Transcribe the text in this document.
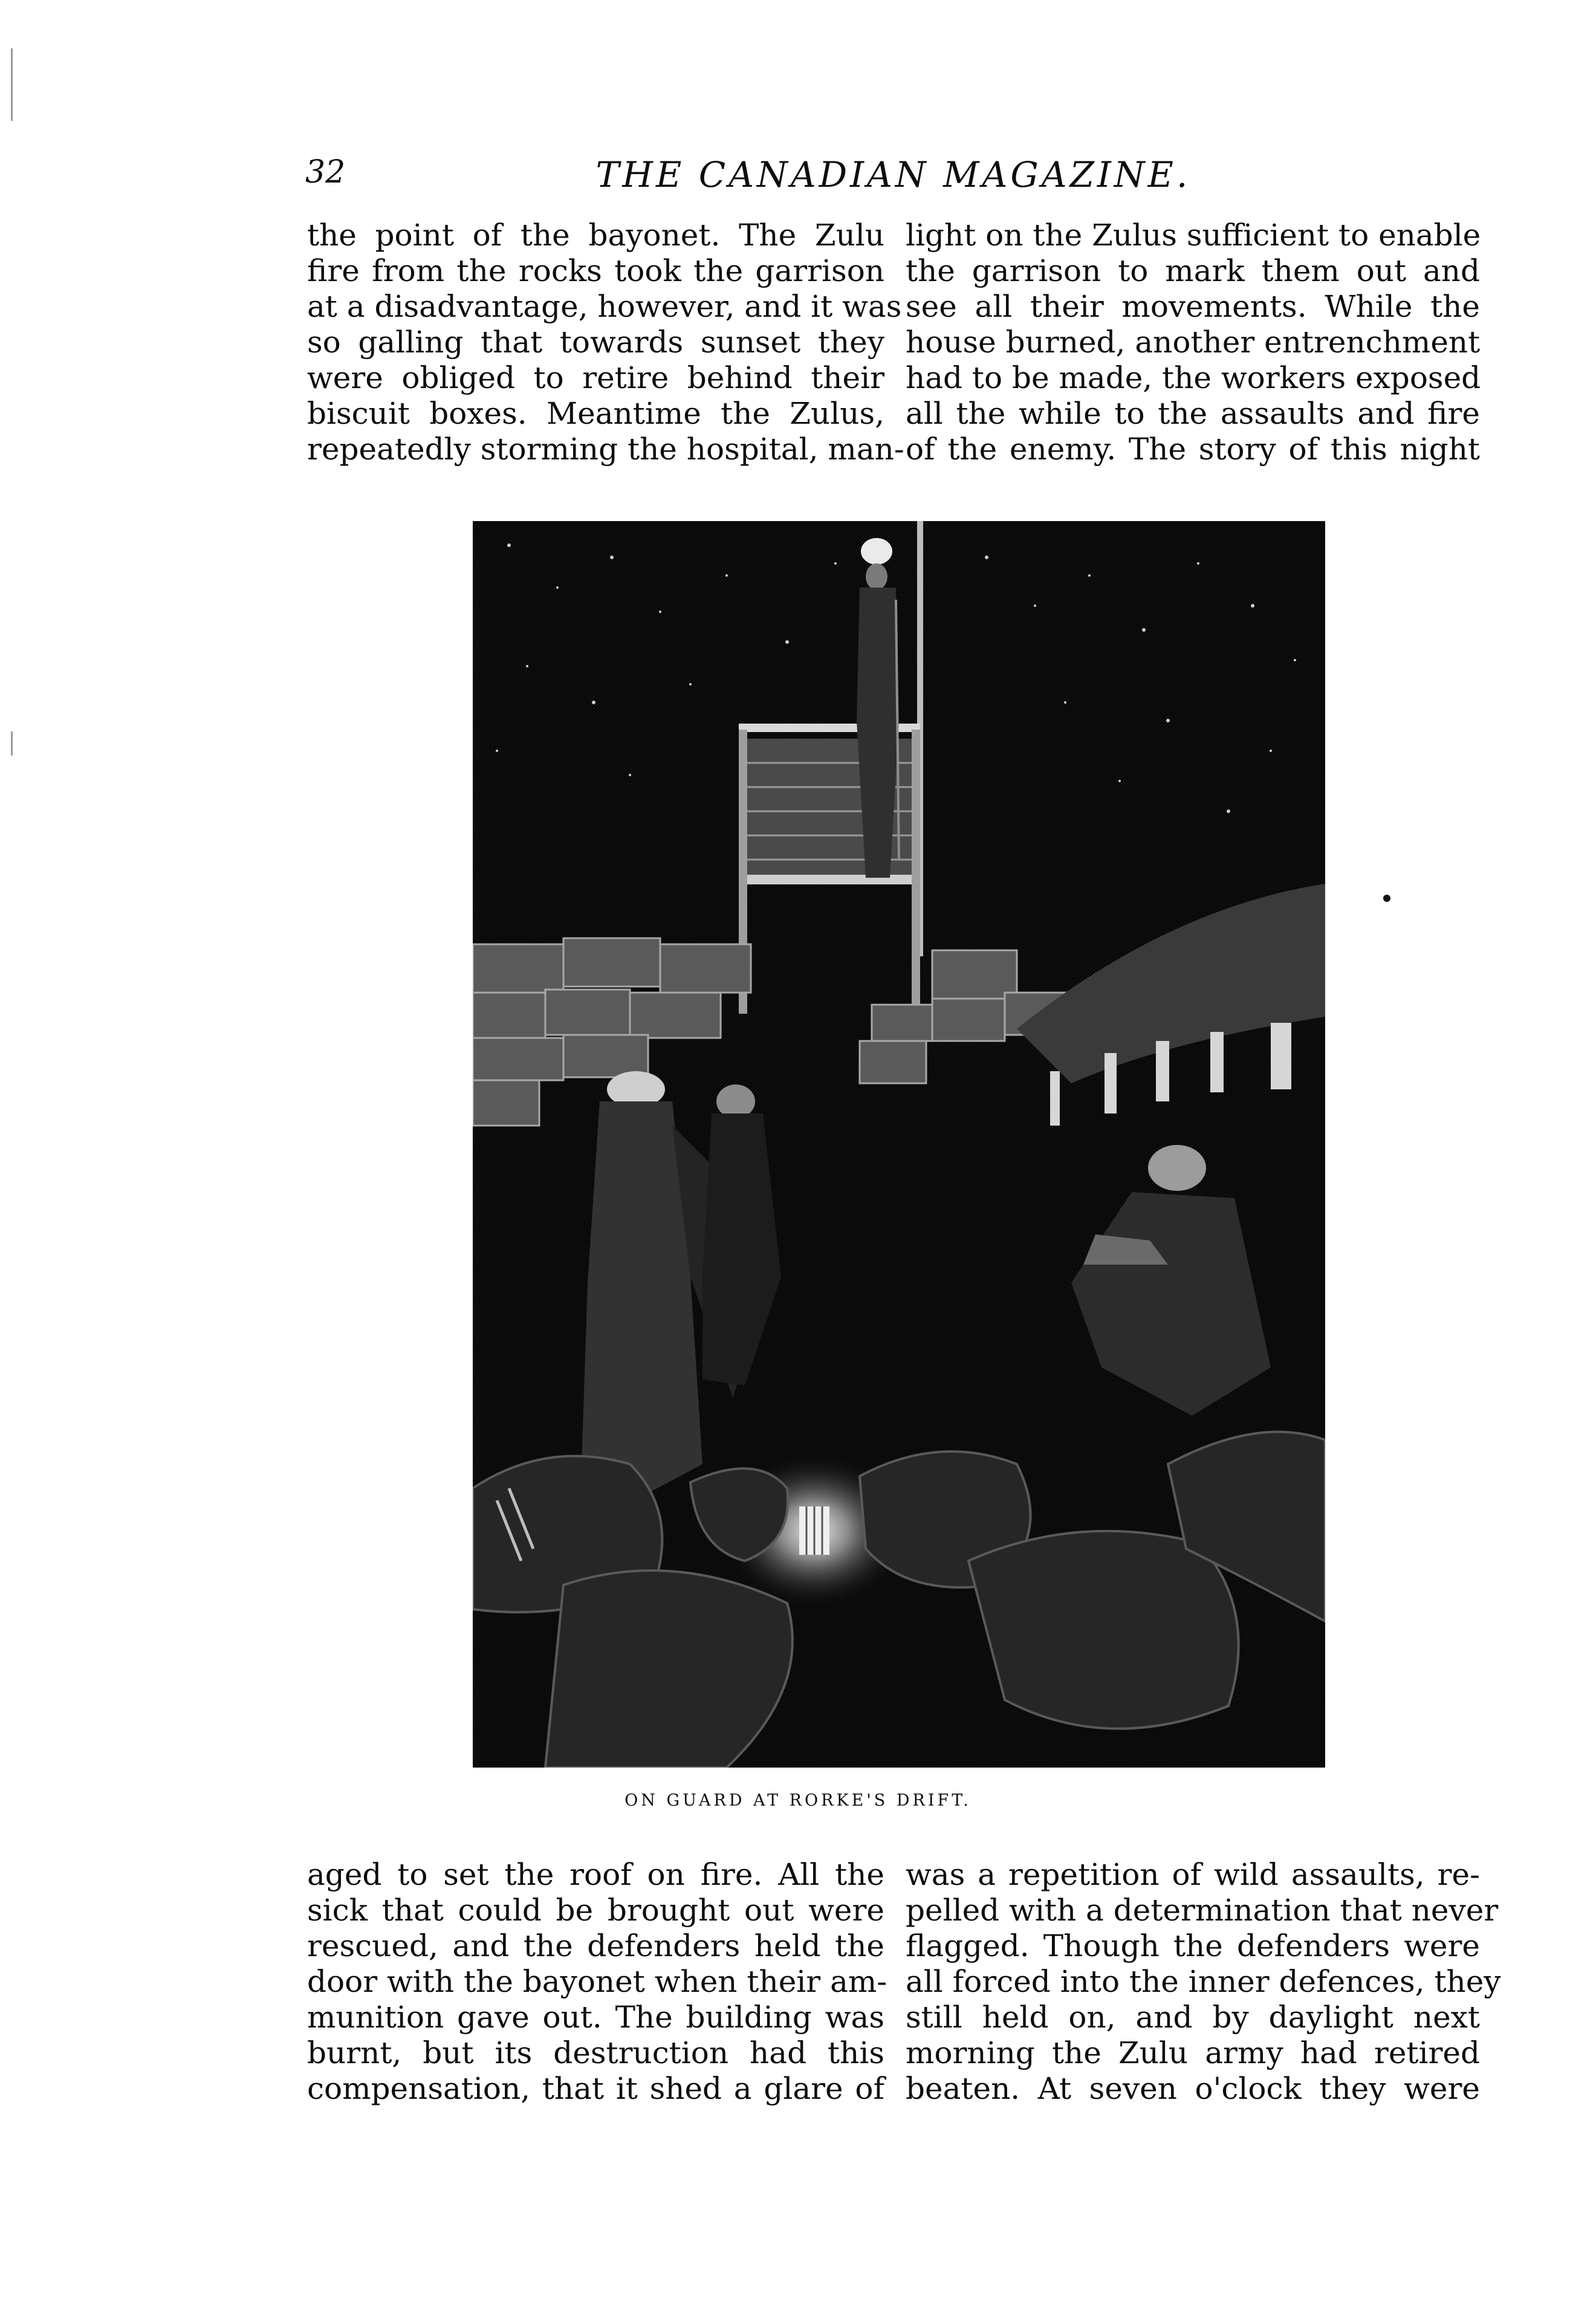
32	THE CANADIAN MAGAZINE.
the point of the bayonet. The Zulu
fire from the rocks took the garrison
at a disadvantage, however, and it was
so galling that towards sunset they
were obliged to retire behind their
biscuit boxes. Meantime the Zulus,
repeatedly storming the hospital, man-
light on the Zulus sufficient to enable
the garrison to mark them out and
see all their movements. While the
house burned, another entrenchment
had to be made, the workers exposed
all the while to the assaults and fire
of the enemy. The story of this night
ON GUARD AT RORKE'S DRIFT.
aged to set the roof on fire. All the
sick that could be brought out were
rescued, and the defenders held the
door with the bayonet when their am-
munition gave out. The building was
burnt, but its destruction had this
compensation, that it shed a glare of
was a repetition of wild assaults, re-
pelled with a determination that never
flagged. Though the defenders were
all forced into the inner defences, they
still held on, and by daylight next
morning the Zulu army had retired
beaten. At seven o'clock they were
